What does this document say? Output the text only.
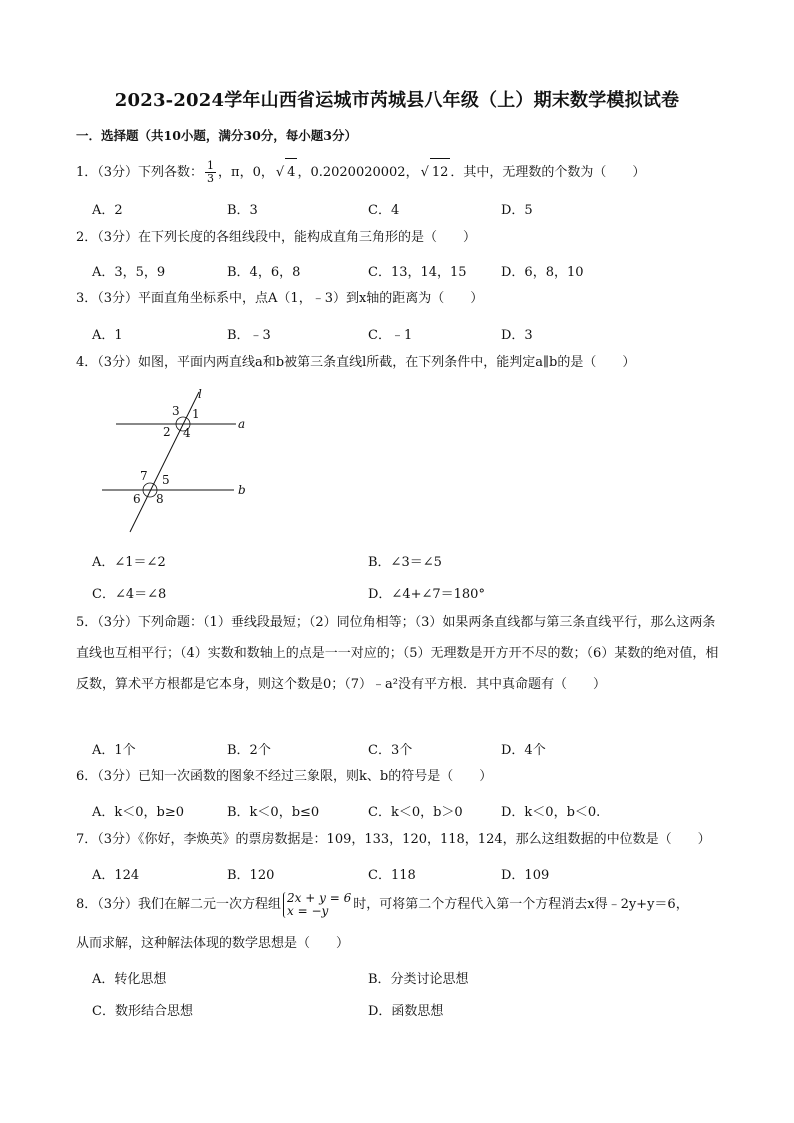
2023-2024学年山西省运城市芮城县八年级（上）期末数学模拟试卷
一．选择题（共10小题，满分30分，每小题3分）
1．（3分）下列各数： $\frac{1}{3}$ ，π，0， √ 4 ，0.2020020002， √ 12 ．其中，无理数的个数为（　　）
A．2	B．3	C．4	D．5
2．（3分）在下列长度的各组线段中，能构成直角三角形的是（　　）
A．3，5，9	B．4，6，8	C．13，14，15	D．6，8，10
3．（3分）平面直角坐标系中，点A（1，﹣3）到x轴的距离为（　　）
A．1	B．﹣3	C．﹣1	D．3
4．（3分）如图，平面内两直线a和b被第三条直线l所截，在下列条件中，能判定a∥b的是（　　）
l
a
b
1
2
3
4
5
6
7
8
A．∠1＝∠2	B．∠3＝∠5
C．∠4＝∠8	D．∠4+∠7＝180°
5．（3分）下列命题：（1）垂线段最短；（2）同位角相等；（3）如果两条直线都与第三条直线平行，那么这两条直线也互相平行；（4）实数和数轴上的点是一一对应的；（5）无理数是开方开不尽的数；（6）某数的绝对值，相反数，算术平方根都是它本身，则这个数是0；（7）﹣a²没有平方根．其中真命题有（　　）
A．1个	B．2个	C．3个	D．4个
6．（3分）已知一次函数的图象不经过三象限，则k、b的符号是（　　）
A．k＜0，b≥0	B．k＜0，b≤0	C．k＜0，b＞0	D．k＜0，b＜0.
7．（3分）《你好，李焕英》的票房数据是：109，133，120，118，124，那么这组数据的中位数是（　　）
A．124	B．120	C．118	D．109
8．（3分）我们在解二元一次方程组 2x + y = 6
x = −y	时，可将第二个方程代入第一个方程消去x得﹣2y+y＝6，
从而求解，这种解法体现的数学思想是（　　）
A．转化思想	B．分类讨论思想
C．数形结合思想	D．函数思想
